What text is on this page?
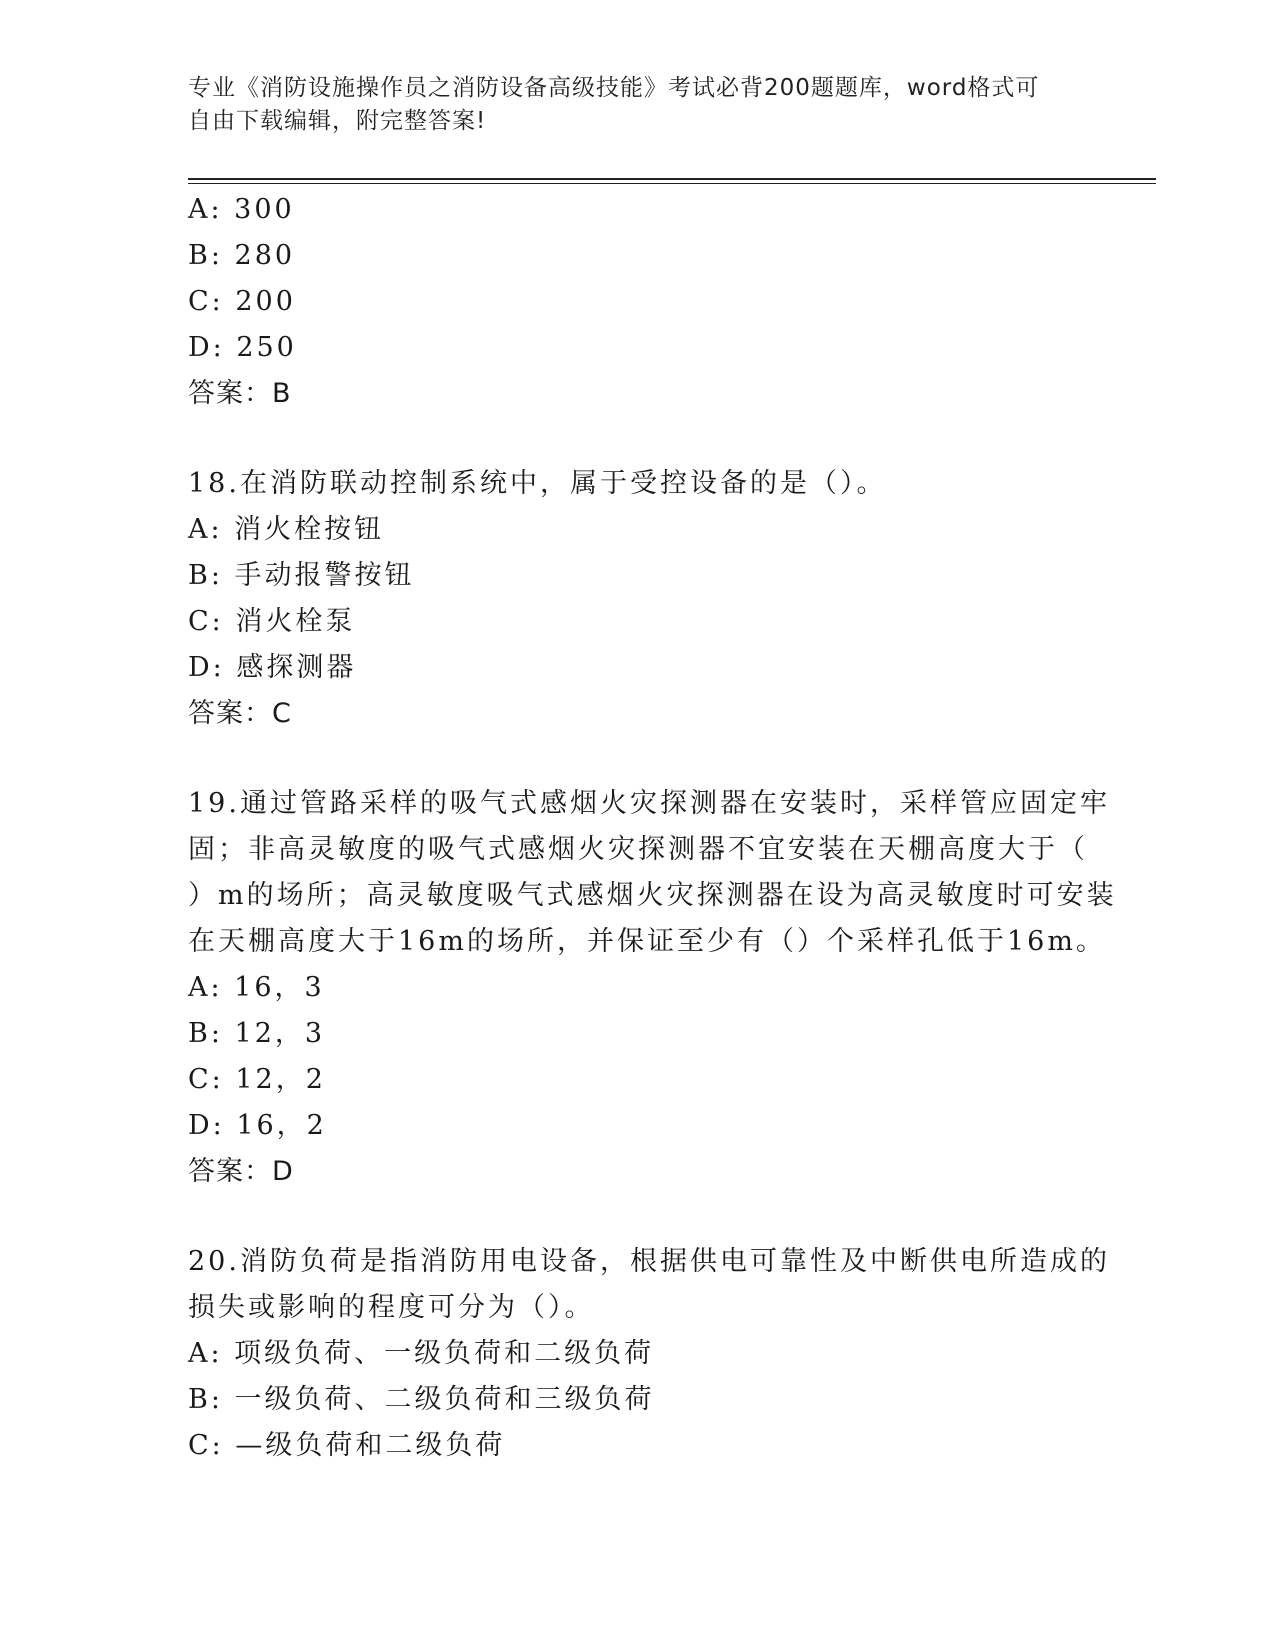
专业《消防设施操作员之消防设备高级技能》考试必背200题题库，word格式可
自由下载编辑，附完整答案!
A: 300
B: 280
C: 200
D: 250
答案：B
18.在消防联动控制系统中，属于受控设备的是（）。
A: 消火栓按钮
B: 手动报警按钮
C: 消火栓泵
D: 感探测器
答案：C
19.通过管路采样的吸气式感烟火灾探测器在安装时，采样管应固定牢
固；非高灵敏度的吸气式感烟火灾探测器不宜安装在天棚高度大于（
）m的场所；高灵敏度吸气式感烟火灾探测器在设为高灵敏度时可安装
在天棚高度大于16m的场所，并保证至少有（）个采样孔低于16m。
A: 16，3
B: 12，3
C: 12，2
D: 16，2
答案：D
20.消防负荷是指消防用电设备，根据供电可靠性及中断供电所造成的
损失或影响的程度可分为（）。
A: 项级负荷、一级负荷和二级负荷
B: 一级负荷、二级负荷和三级负荷
C: —级负荷和二级负荷
